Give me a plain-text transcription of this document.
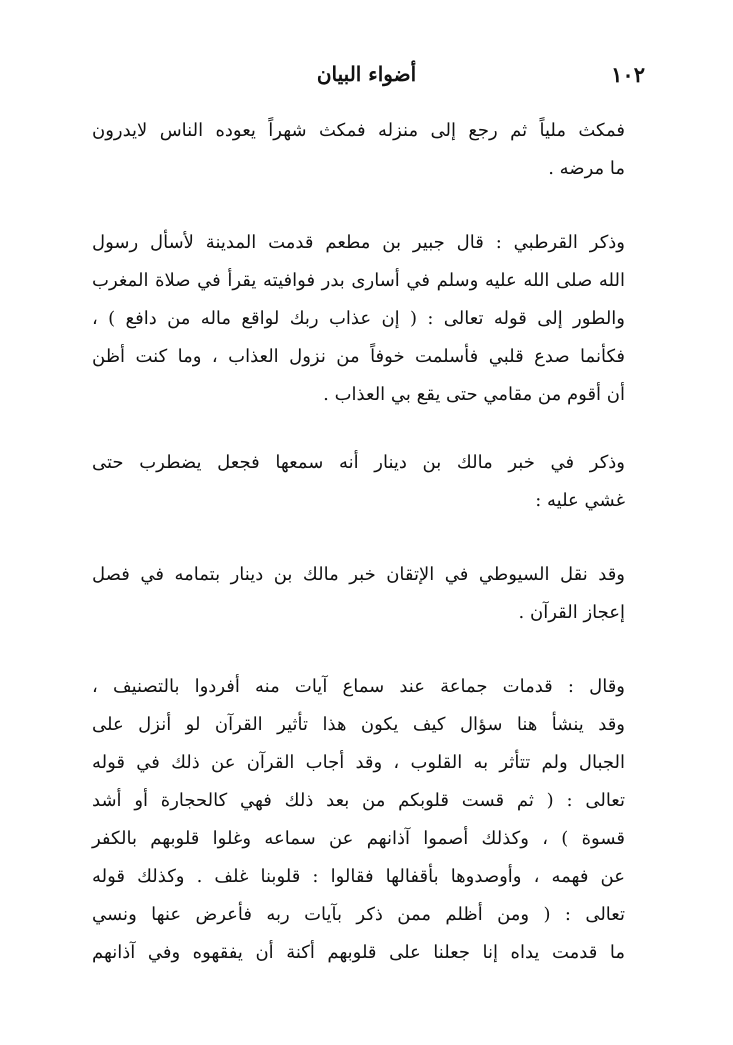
١٠٢
أضواء البيان
فمكث ملياً ثم رجع إلى منزله فمكث شهراً يعوده الناس لايدرون
ما مرضه .
وذكر القرطبي : قال جبير بن مطعم قدمت المدينة لأسأل رسول
الله صلى الله عليه وسلم في أسارى بدر فوافيته يقرأ في صلاة المغرب
والطور إلى قوله تعالى : ( إن عذاب ربك لواقع ماله من دافع ) ،
فكأنما صدع قلبي فأسلمت خوفاً من نزول العذاب ، وما كنت أظن
أن أقوم من مقامي حتى يقع بي العذاب .
وذكر في خبر مالك بن دينار أنه سمعها فجعل يضطرب حتى
غشي عليه :
وقد نقل السيوطي في الإتقان خبر مالك بن دينار بتمامه في فصل
إعجاز القرآن .
وقال : قدمات جماعة عند سماع آيات منه أفردوا بالتصنيف ،
وقد ينشأ هنا سؤال كيف يكون هذا تأثير القرآن لو أنزل على
الجبال ولم تتأثر به القلوب ، وقد أجاب القرآن عن ذلك في قوله
تعالى : ( ثم قست قلوبكم من بعد ذلك فهي كالحجارة أو أشد
قسوة ) ، وكذلك أصموا آذانهم عن سماعه وغلوا قلوبهم بالكفر
عن فهمه ، وأوصدوها بأقفالها فقالوا : قلوبنا غلف . وكذلك قوله
تعالى : ( ومن أظلم ممن ذكر بآيات ربه فأعرض عنها ونسي
ما قدمت يداه إنا جعلنا على قلوبهم أكنة أن يفقهوه وفي آذانهم
